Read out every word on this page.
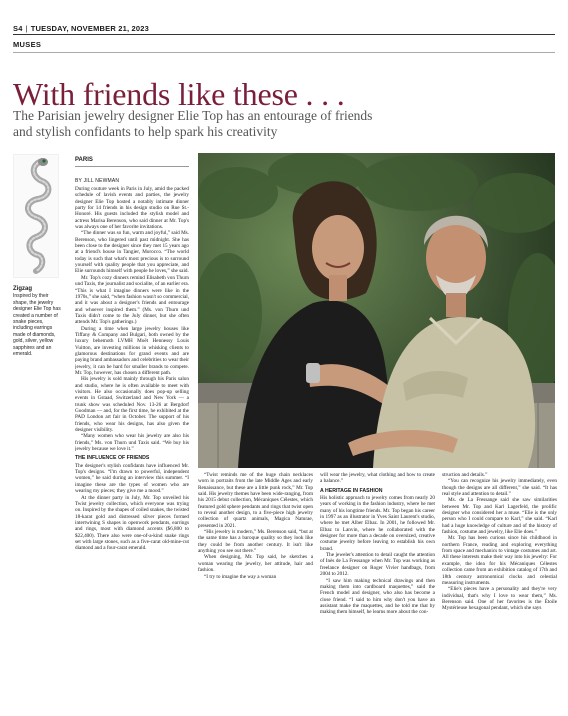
S4 | TUESDAY, NOVEMBER 21, 2023
MUSES
With friends like these . . .
The Parisian jewelry designer Elie Top has an entourage of friends and stylish confidants to help spark his creativity
Zigzag
Inspired by their shape, the jewelry designer Elie Top has created a number of snake pieces, including earrings made of diamonds, gold, silver, yellow sapphires and an emerald.
PARIS
BY JILL NEWMAN

During couture week in Paris in July, amid the packed schedule of lavish events and parties, the jewelry designer Elie Top hosted a notably intimate dinner party for 14 friends in his design studio on Rue St.-Honoré. His guests included the stylish model and actress Marisa Berenson, who said dinner at Mr. Top's was always one of her favorite invitations.

“The dinner was so fun, warm and joyful,” said Ms. Berenson, who lingered until past midnight. She has been close to the designer since they met 15 years ago at a friend's house in Tangier, Morocco. “The world today is such that what's most precious is to surround yourself with quality people that you appreciate, and Elie surrounds himself with people he loves,” she said.

Mr. Top's cozy dinners remind Elisabeth von Thurn und Taxis, the journalist and socialite, of an earlier era. “This is what I imagine dinners were like in the 1970s,” she said, “when fashion wasn't so commercial, and it was about a designer's friends and entourage and whoever inspired them.” (Ms. von Thurn und Taxis didn't come to the July dinner, but she often attends Mr. Top's gatherings.)

During a time when large jewelry houses like Tiffany & Company and Bulgari, both owned by the luxury behemoth LVMH Moët Hennessy Louis Vuitton, are investing millions in whisking clients to glamorous destinations for grand events and are paying brand ambassadors and celebrities to wear their jewelry, it can be hard for smaller brands to compete. Mr. Top, however, has chosen a different path.

His jewelry is sold mainly through his Paris salon and studio, where he is often available to meet with visitors. He also occasionally does pop-up selling events in Gstaad, Switzerland and New York — a trunk show was scheduled Nov. 13-26 at Bergdorf Goodman — and, for the first time, he exhibited at the PAD London art fair in October. The support of his friends, who wear his designs, has also given the designer visibility.

“Many women who wear his jewelry are also his friends,” Ms. von Thurn und Taxis said. “We buy his jewelry because we love it.”

THE INFLUENCE OF FRIENDS

The designer's stylish confidants have influenced Mr. Top's designs. “I'm drawn to powerful, independent women,” he said during an interview this summer. “I imagine these are the types of women who are wearing my pieces; they give me a mood.”

At the dinner party in July, Mr. Top unveiled his Twist jewelry collection, which everyone was trying on. Inspired by the shapes of coiled snakes, the twisted 18-karat gold and distressed silver pieces formed intertwining S shapes in openwork pendants, earrings and rings, most with diamond accents ($6,800 to $22,400). There also were one-of-a-kind snake rings set with large stones, such as a five-carat old-mine-cut diamond and a four-carat emerald.

“Twist reminds me of the huge chain necklaces worn in portraits from the late Middle Ages and early Renaissance, but these are a little punk rock,” Mr. Top said. His jewelry themes have been wide-ranging, from his 2015 debut collection, Mécaniques Célestes, which featured gold sphere pendants and rings that twist open to reveal another design, to a five-piece high jewelry collection of quartz animals, Magica Naturae, presented in 2021.

“His jewelry is modern,” Ms. Berenson said, “but at the same time has a baroque quality so they look like they could be from another century. It isn't like anything you see out there.”

When designing, Mr. Top said, he sketches a woman wearing the jewelry, her attitude, hair and fashion.

“I try to imagine the way a woman

will wear the jewelry, what clothing and how to create a balance.”

A HERITAGE IN FASHION

His holistic approach to jewelry comes from nearly 20 years of working in the fashion industry, where he met many of his longtime friends. Mr. Top began his career in 1997 as an illustrator in Yves Saint Laurent's studio, where he met Alber Elbaz. In 2001, he followed Mr. Elbaz to Lanvin, where he collaborated with the designer for more than a decade on oversized, creative costume jewelry before leaving to establish his own brand.

The jeweler's attention to detail caught the attention of Inès de La Fressange when Mr. Top was working as freelance designer on Roger Vivier handbags, from 2004 to 2012.

“I saw him making technical drawings and then making them into cardboard maquettes,” said the French model and designer, who also has become a close friend. “I said to him why don't you have an assistant make the maquettes, and he told me that by making them himself, he learns more about the con-

struction and details.”

“You can recognize his jewelry immediately, even though the designs are all different,” she said. “It has real style and attention to detail.”

Ms. de La Fressange said she saw similarities between Mr. Top and Karl Lagerfeld, the prolific designer who considered her a muse. “Elie is the only person who I could compare to Karl,” she said. “Karl had a huge knowledge of culture and of the history of fashion, costume and jewelry, like Elie does.”

Mr. Top has been curious since his childhood in northern France, reading and exploring everything from space and mechanics to vintage costumes and art. All these interests make their way into his jewelry: For example, the idea for his Mécaniques Célestes collection came from an exhibition catalog of 17th and 18th century astronomical clocks and celestial measuring instruments.

“Elie's pieces have a personality and they're very individual, that's why I love to wear them,” Ms. Berenson said. One of her favorites is the Étoile Mystérieuse hexagonal pendant, which she says
